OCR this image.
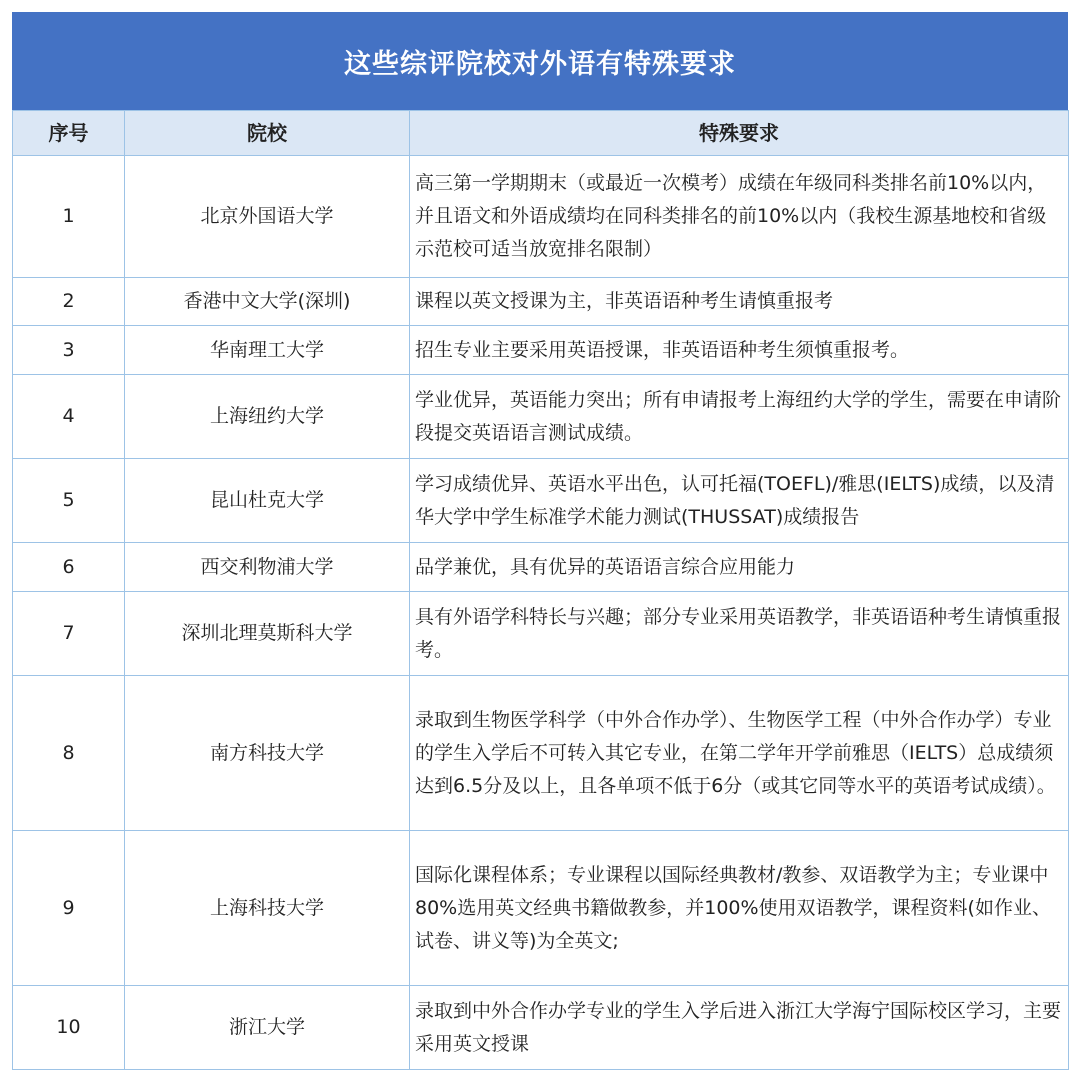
这些综评院校对外语有特殊要求
序号	院校	特殊要求
1	北京外国语大学	高三第一学期期末（或最近一次模考）成绩在年级同科类排名前10%以内，并且语文和外语成绩均在同科类排名的前10%以内（我校生源基地校和省级示范校可适当放宽排名限制）
2	香港中文大学(深圳)	课程以英文授课为主，非英语语种考生请慎重报考
3	华南理工大学	招生专业主要采用英语授课，非英语语种考生须慎重报考。
4	上海纽约大学	学业优异，英语能力突出；所有申请报考上海纽约大学的学生，需要在申请阶段提交英语语言测试成绩。
5	昆山杜克大学	学习成绩优异、英语水平出色，认可托福(TOEFL)/雅思(IELTS)成绩，以及清华大学中学生标准学术能力测试(THUSSAT)成绩报告
6	西交利物浦大学	品学兼优，具有优异的英语语言综合应用能力
7	深圳北理莫斯科大学	具有外语学科特长与兴趣；部分专业采用英语教学，非英语语种考生请慎重报考。
8	南方科技大学	录取到生物医学科学（中外合作办学）、生物医学工程（中外合作办学）专业的学生入学后不可转入其它专业，在第二学年开学前雅思（IELTS）总成绩须达到6.5分及以上，且各单项不低于6分（或其它同等水平的英语考试成绩）。
9	上海科技大学	国际化课程体系；专业课程以国际经典教材/教参、双语教学为主；专业课中80%选用英文经典书籍做教参，并100%使用双语教学，课程资料(如作业、试卷、讲义等)为全英文;
10	浙江大学	录取到中外合作办学专业的学生入学后进入浙江大学海宁国际校区学习，主要采用英文授课
